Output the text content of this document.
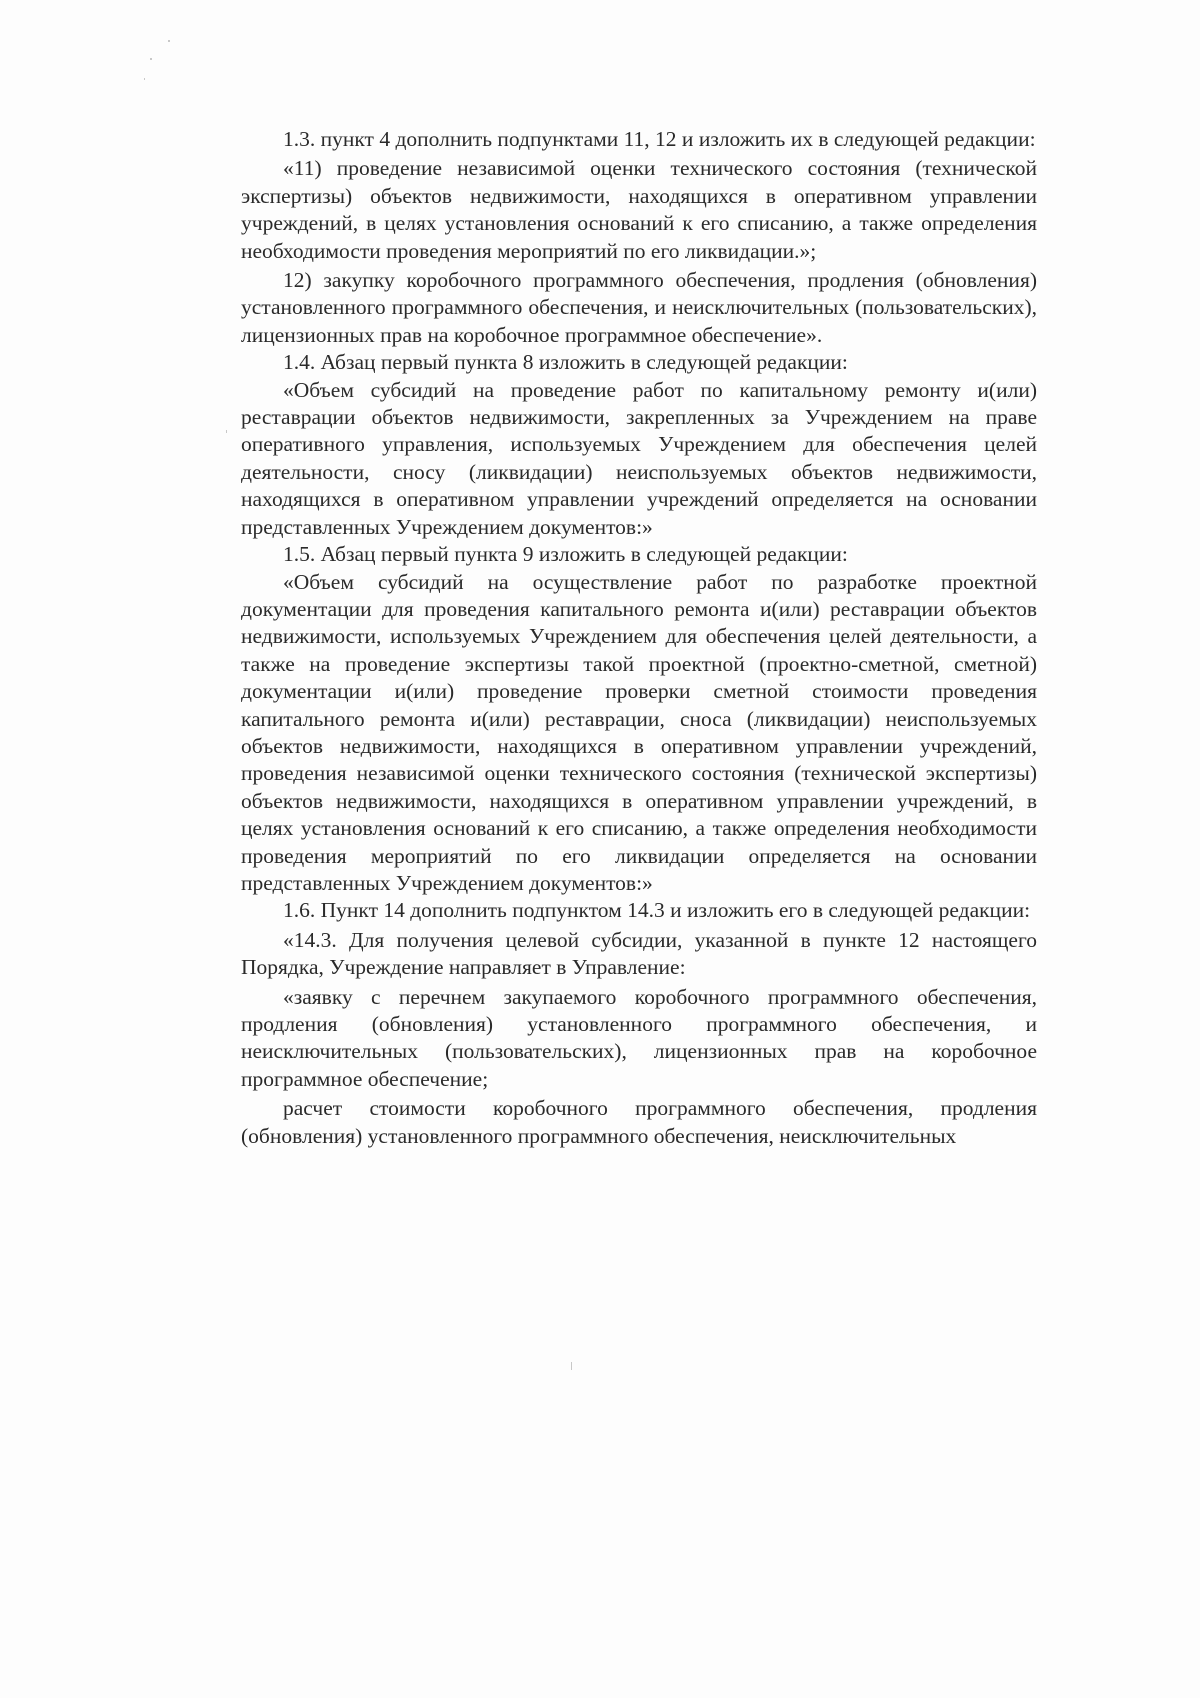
1.3. пункт 4 дополнить подпунктами 11, 12 и изложить их в следующей редакции:

«11) проведение независимой оценки технического состояния (технической экспертизы) объектов недвижимости, находящихся в оперативном управлении учреждений, в целях установления оснований к его списанию, а также определения необходимости проведения мероприятий по его ликвидации.»;

12) закупку коробочного программного обеспечения, продления (обновления) установленного программного обеспечения, и неисключительных (пользовательских), лицензионных прав на коробочное программное обеспечение».

1.4. Абзац первый пункта 8 изложить в следующей редакции:

«Объем субсидий на проведение работ по капитальному ремонту и(или) реставрации объектов недвижимости, закрепленных за Учреждением на праве оперативного управления, используемых Учреждением для обеспечения целей деятельности, сносу (ликвидации) неиспользуемых объектов недвижимости, находящихся в оперативном управлении учреждений определяется на основании представленных Учреждением документов:»

1.5. Абзац первый пункта 9 изложить в следующей редакции:

«Объем субсидий на осуществление работ по разработке проектной документации для проведения капитального ремонта и(или) реставрации объектов недвижимости, используемых Учреждением для обеспечения целей деятельности, а также на проведение экспертизы такой проектной (проектно-сметной, сметной) документации и(или) проведение проверки сметной стоимости проведения капитального ремонта и(или) реставрации, сноса (ликвидации) неиспользуемых объектов недвижимости, находящихся в оперативном управлении учреждений, проведения независимой оценки технического состояния (технической экспертизы) объектов недвижимости, находящихся в оперативном управлении учреждений, в целях установления оснований к его списанию, а также определения необходимости проведения мероприятий по его ликвидации определяется на основании представленных Учреждением документов:»

1.6. Пункт 14 дополнить подпунктом 14.3 и изложить его в следующей редакции:

«14.3. Для получения целевой субсидии, указанной в пункте 12 настоящего Порядка, Учреждение направляет в Управление:

«заявку с перечнем закупаемого коробочного программного обеспечения, продления (обновления) установленного программного обеспечения, и неисключительных (пользовательских), лицензионных прав на коробочное программное обеспечение;

расчет стоимости коробочного программного обеспечения, продления (обновления) установленного программного обеспечения, неисключительных
